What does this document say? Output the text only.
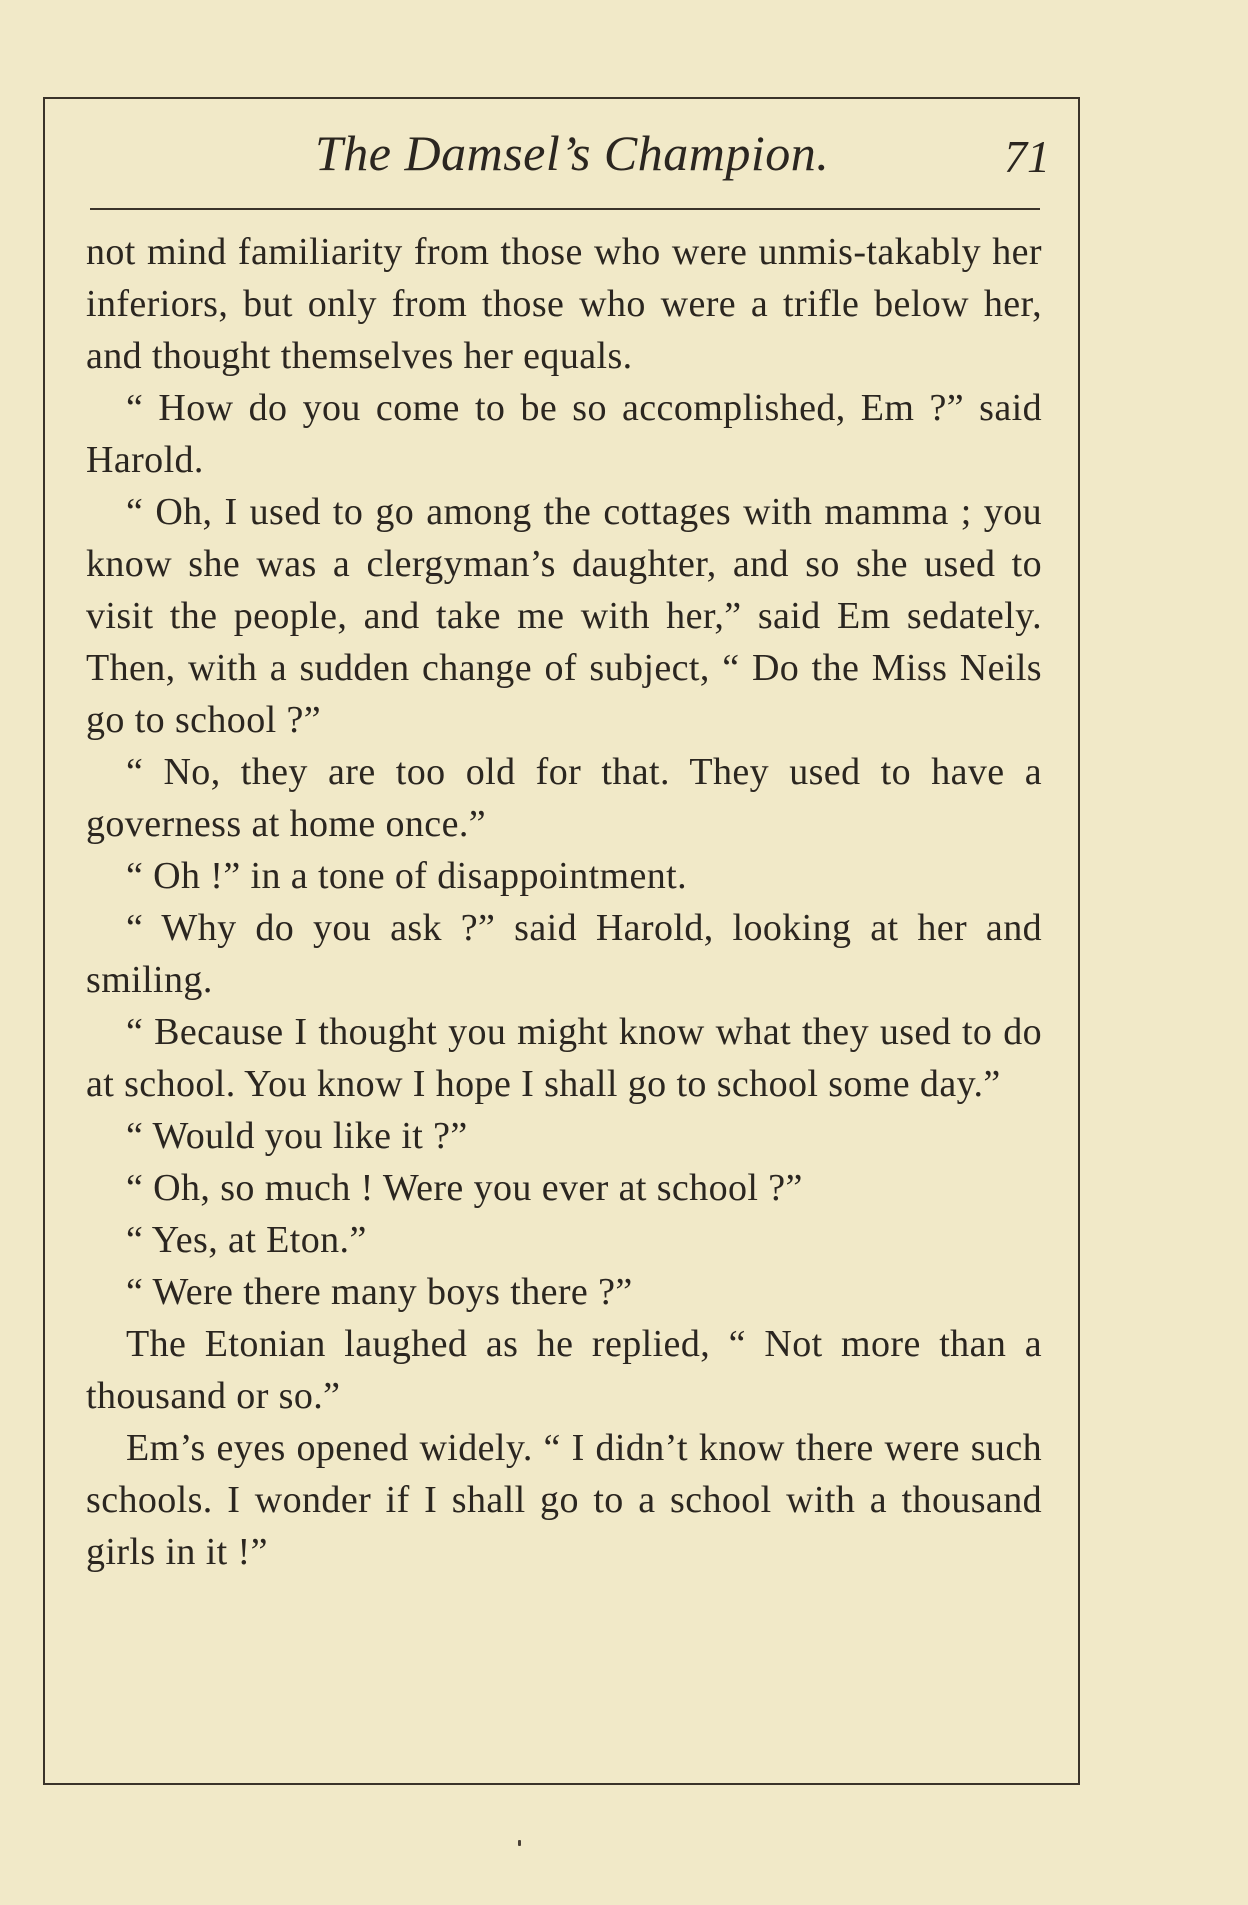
The Damsel’s Champion.	71

not mind familiarity from those who were unmis-takably her inferiors, but only from those who were a trifle below her, and thought themselves her equals.

“ How do you come to be so accomplished, Em ?” said Harold.

“ Oh, I used to go among the cottages with mamma ; you know she was a clergyman’s daughter, and so she used to visit the people, and take me with her,” said Em sedately. Then, with a sudden change of subject, “ Do the Miss Neils go to school ?”

“ No, they are too old for that. They used to have a governess at home once.”

“ Oh !” in a tone of disappointment.

“ Why do you ask ?” said Harold, looking at her and smiling.

“ Because I thought you might know what they used to do at school. You know I hope I shall go to school some day.”

“ Would you like it ?”

“ Oh, so much ! Were you ever at school ?”

“ Yes, at Eton.”

“ Were there many boys there ?”

The Etonian laughed as he replied, “ Not more than a thousand or so.”

Em’s eyes opened widely. “ I didn’t know there were such schools. I wonder if I shall go to a school with a thousand girls in it !”
